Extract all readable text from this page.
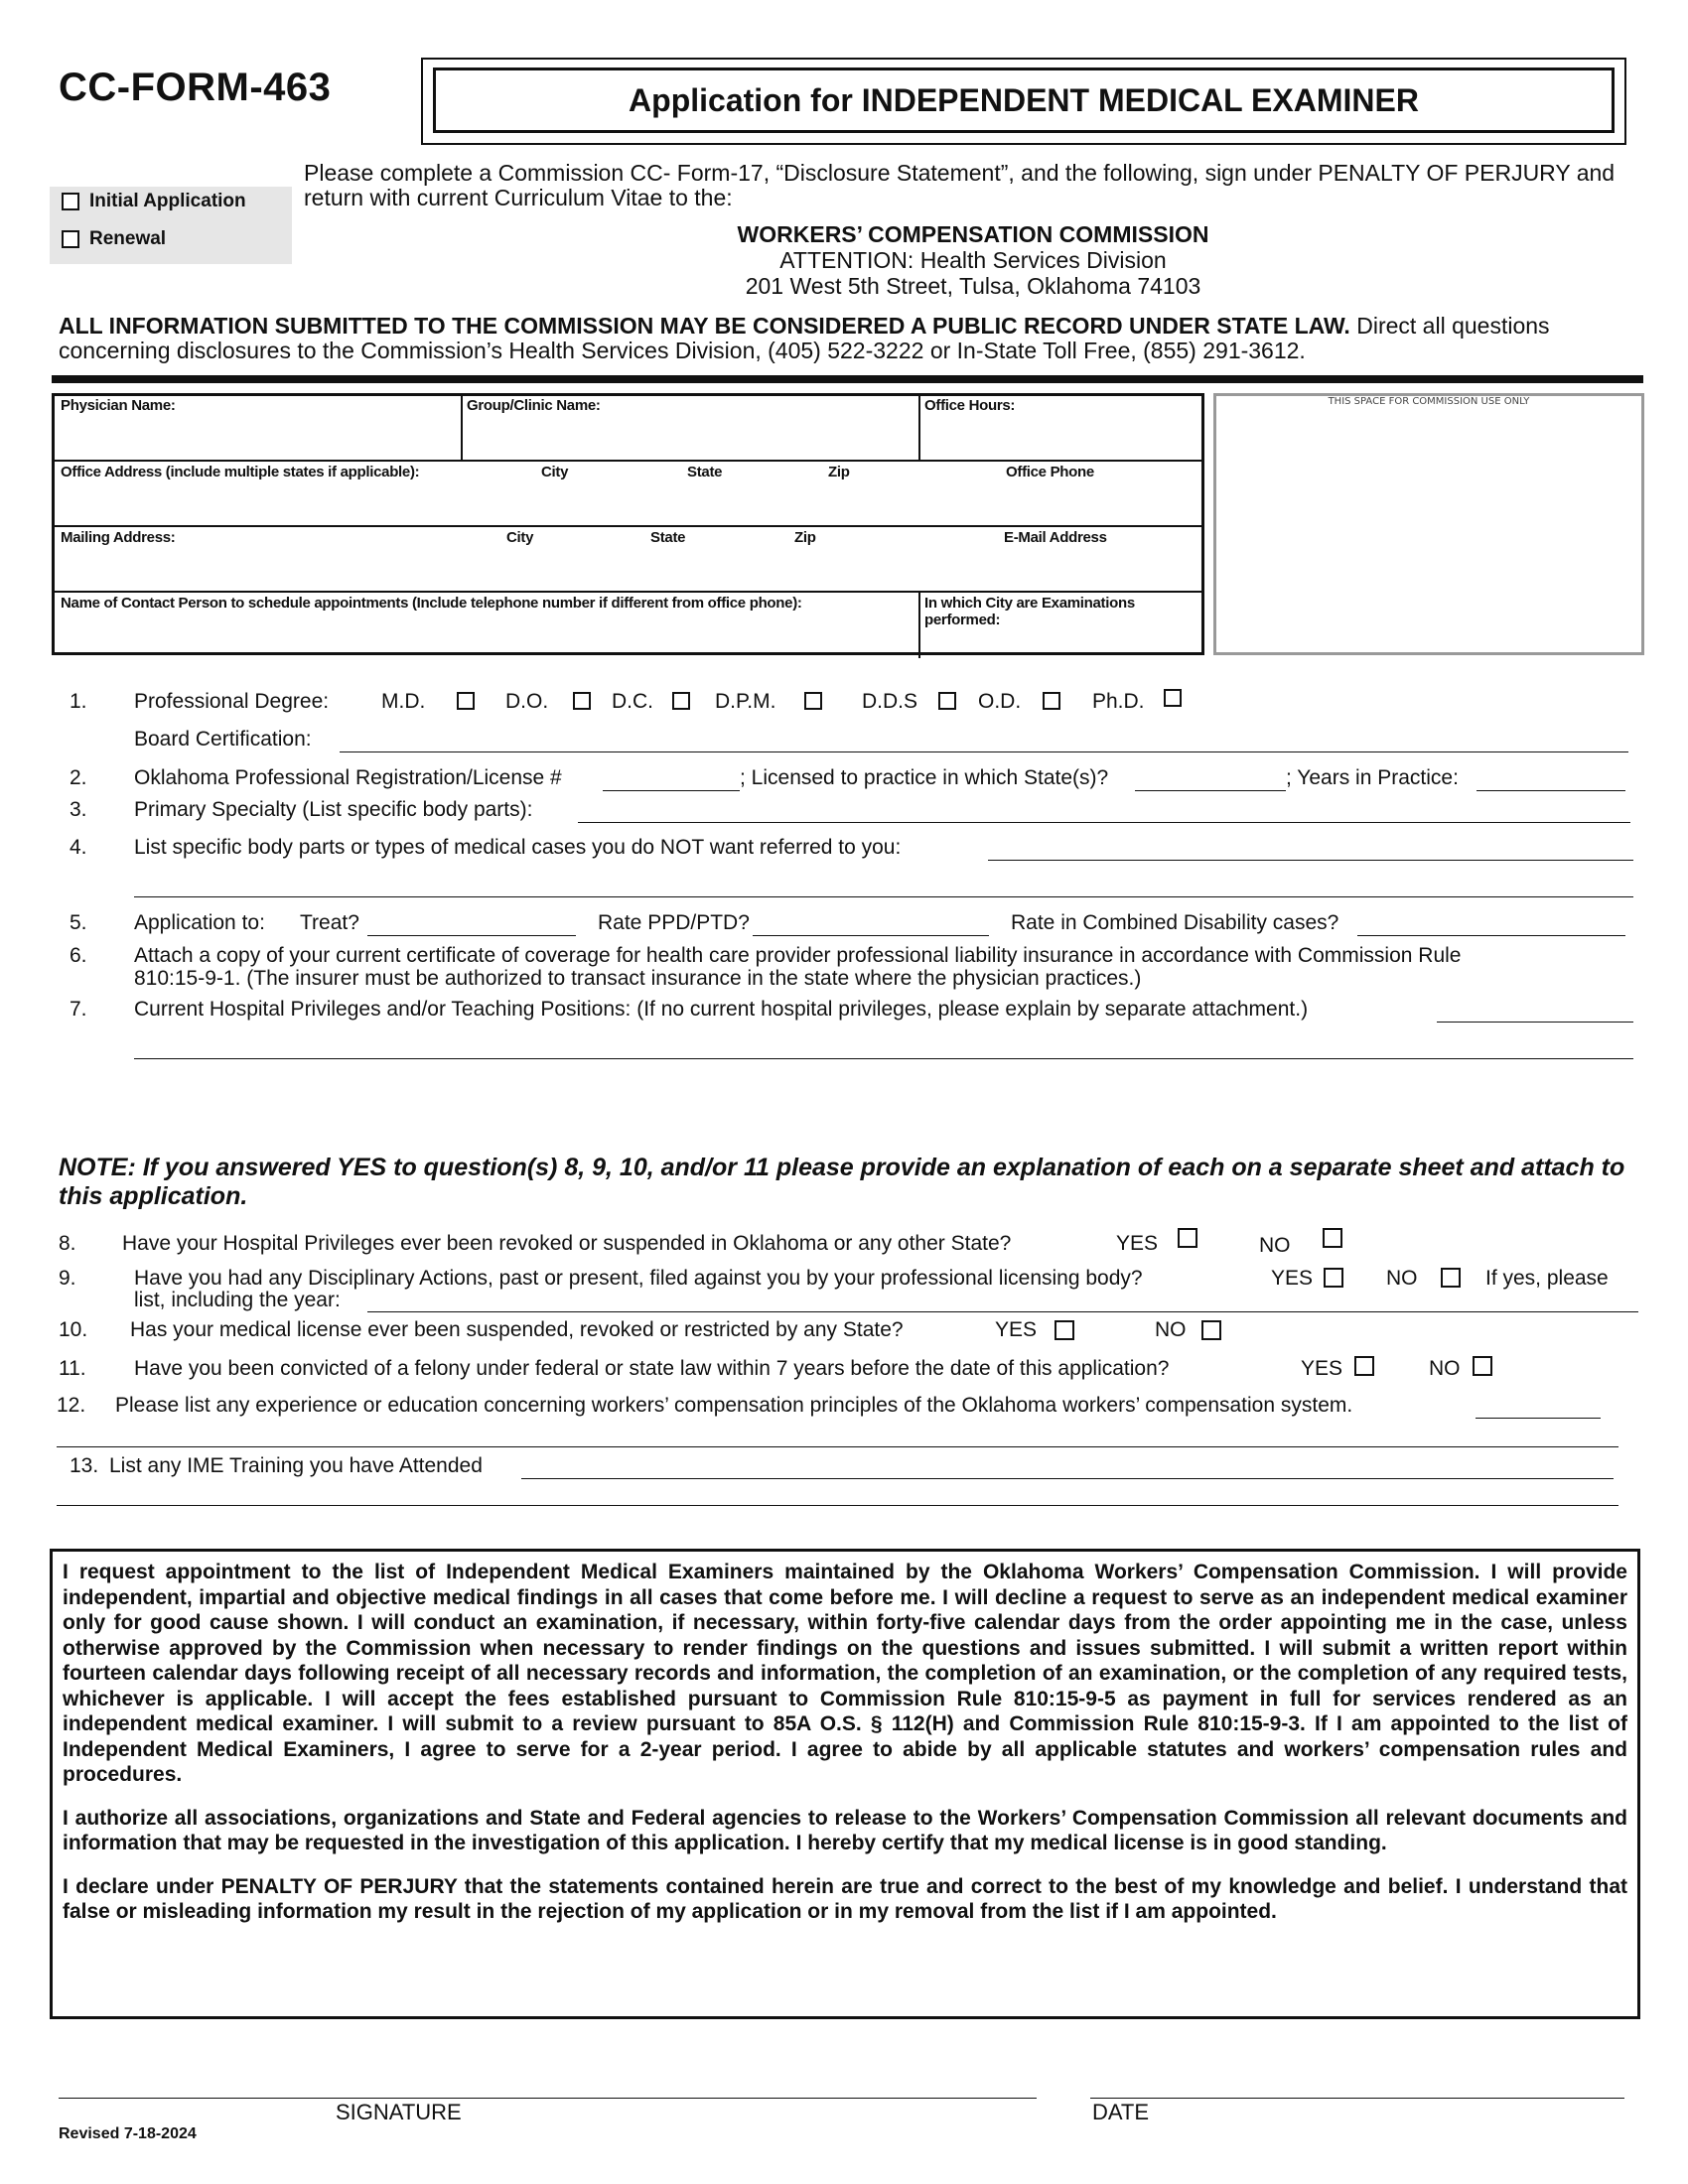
CC-FORM-463	Application for INDEPENDENT MEDICAL EXAMINER
Initial Application
Renewal
Please complete a Commission CC- Form-17, “Disclosure Statement”, and the following, sign under PENALTY OF PERJURY and return with current Curriculum Vitae to the:
WORKERS’ COMPENSATION COMMISSION
ATTENTION: Health Services Division
201 West 5th Street, Tulsa, Oklahoma 74103
ALL INFORMATION SUBMITTED TO THE COMMISSION MAY BE CONSIDERED A PUBLIC RECORD UNDER STATE LAW. Direct all questions concerning disclosures to the Commission’s Health Services Division, (405) 522-3222 or In-State Toll Free, (855) 291-3612.
Physician Name:	Group/Clinic Name:	Office Hours:
Office Address (include multiple states if applicable):	City	State	Zip	Office Phone
Mailing Address:	City	State	Zip	E-Mail Address
Name of Contact Person to schedule appointments (Include telephone number if different from office phone):	In which City are Examinations performed:
THIS SPACE FOR COMMISSION USE ONLY
1. Professional Degree:	M.D.	D.O.	D.C.	D.P.M.	D.D.S	O.D.	Ph.D.
Board Certification:
2. Oklahoma Professional Registration/License #	; Licensed to practice in which State(s)?	; Years in Practice:
3. Primary Specialty (List specific body parts):
4. List specific body parts or types of medical cases you do NOT want referred to you:
5. Application to: Treat?	Rate PPD/PTD?	Rate in Combined Disability cases?
6. Attach a copy of your current certificate of coverage for health care provider professional liability insurance in accordance with Commission Rule
810:15-9-1. (The insurer must be authorized to transact insurance in the state where the physician practices.)
7. Current Hospital Privileges and/or Teaching Positions: (If no current hospital privileges, please explain by separate attachment.)
NOTE: If you answered YES to question(s) 8, 9, 10, and/or 11 please provide an explanation of each on a separate sheet and attach to this application.
8. Have your Hospital Privileges ever been revoked or suspended in Oklahoma or any other State?	YES	NO
9.	Have you had any Disciplinary Actions, past or present, filed against you by your professional licensing body?	YES	NO	If yes, please
list, including the year:
10. Has your medical license ever been suspended, revoked or restricted by any State?	YES	NO
11. Have you been convicted of a felony under federal or state law within 7 years before the date of this application?	YES	NO
12. Please list any experience or education concerning workers’ compensation principles of the Oklahoma workers’ compensation system.
13. List any IME Training you have Attended

I request appointment to the list of Independent Medical Examiners maintained by the Oklahoma Workers’ Compensation Commission. I will provide independent, impartial and objective medical findings in all cases that come before me. I will decline a request to serve as an independent medical examiner only for good cause shown. I will conduct an examination, if necessary, within forty-five calendar days from the order appointing me in the case, unless otherwise approved by the Commission when necessary to render findings on the questions and issues submitted. I will submit a written report within fourteen calendar days following receipt of all necessary records and information, the completion of an examination, or the completion of any required tests, whichever is applicable. I will accept the fees established pursuant to Commission Rule 810:15-9-5 as payment in full for services rendered as an independent medical examiner. I will submit to a review pursuant to 85A O.S. § 112(H) and Commission Rule 810:15-9-3. If I am appointed to the list of Independent Medical Examiners, I agree to serve for a 2-year period. I agree to abide by all applicable statutes and workers’ compensation rules and procedures.

I authorize all associations, organizations and State and Federal agencies to release to the Workers’ Compensation Commission all relevant documents and information that may be requested in the investigation of this application. I hereby certify that my medical license is in good standing.

I declare under PENALTY OF PERJURY that the statements contained herein are true and correct to the best of my knowledge and belief. I understand that false or misleading information my result in the rejection of my application or in my removal from the list if I am appointed.

SIGNATURE	DATE
Revised 7-18-2024
